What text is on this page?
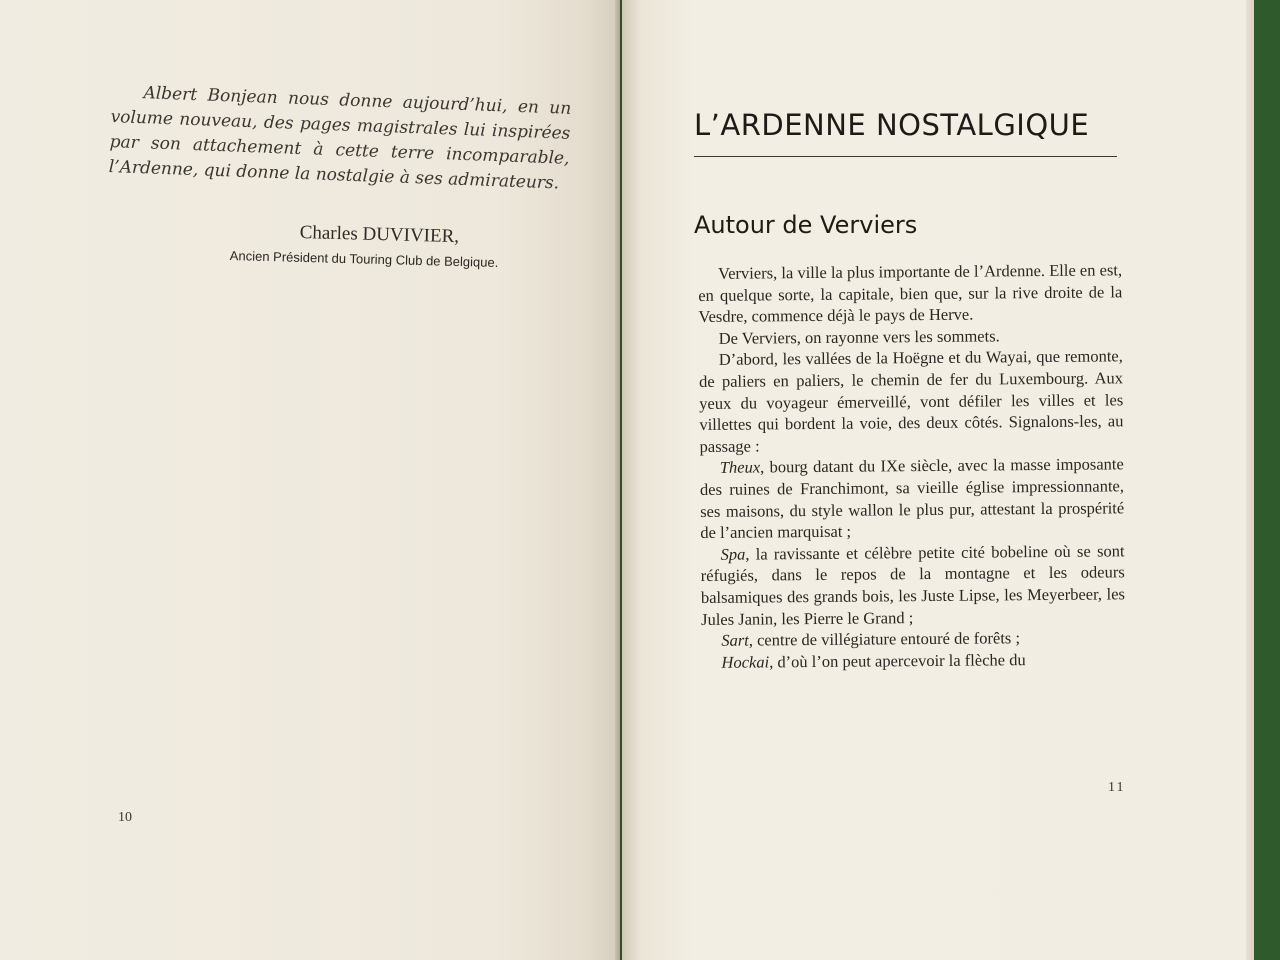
Albert Bonjean nous donne aujourd’hui, en un volume nouveau, des pages magistrales lui inspirées par son attachement à cette terre incomparable, l’Ardenne, qui donne la nostalgie à ses admirateurs.

Charles DUVIVIER,
Ancien Président du Touring Club de Belgique.
10
L’ARDENNE NOSTALGIQUE
Autour de Verviers

Verviers, la ville la plus importante de l’Ardenne. Elle en est, en quelque sorte, la capitale, bien que, sur la rive droite de la Vesdre, commence déjà le pays de Herve.

De Verviers, on rayonne vers les sommets.

D’abord, les vallées de la Hoëgne et du Wayai, que remonte, de paliers en paliers, le chemin de fer du Luxembourg. Aux yeux du voyageur émerveillé, vont défiler les villes et les villettes qui bordent la voie, des deux côtés. Signalons-les, au passage :

Theux, bourg datant du IXe siècle, avec la masse imposante des ruines de Franchimont, sa vieille église impressionnante, ses maisons, du style wallon le plus pur, attestant la prospérité de l’ancien marquisat ;

Spa, la ravissante et célèbre petite cité bobeline où se sont réfugiés, dans le repos de la montagne et les odeurs balsamiques des grands bois, les Juste Lipse, les Meyerbeer, les Jules Janin, les Pierre le Grand ;

Sart, centre de villégiature entouré de forêts ;

Hockai, d’où l’on peut apercevoir la flèche du

11
